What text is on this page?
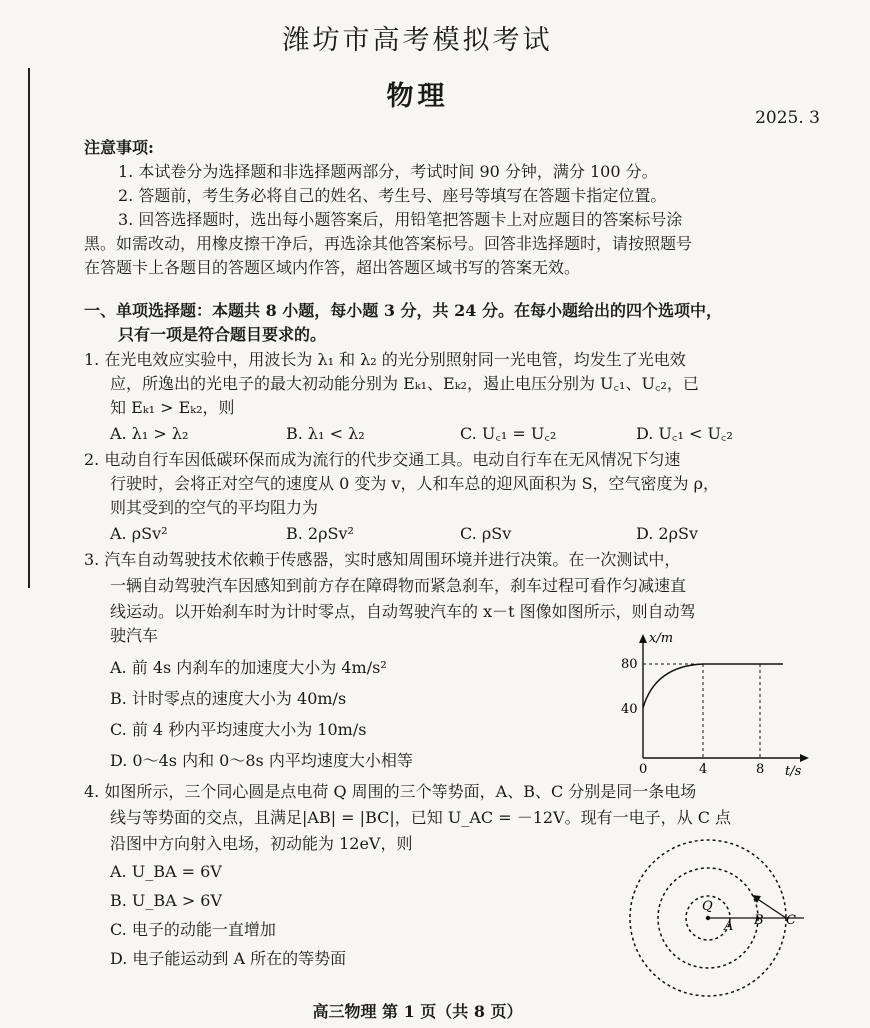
潍坊市高考模拟考试
物理
2025. 3
注意事项:
1. 本试卷分为选择题和非选择题两部分，考试时间 90 分钟，满分 100 分。
2. 答题前，考生务必将自己的姓名、考生号、座号等填写在答题卡指定位置。
3. 回答选择题时，选出每小题答案后，用铅笔把答题卡上对应题目的答案标号涂
黑。如需改动，用橡皮擦干净后，再选涂其他答案标号。回答非选择题时，请按照题号
在答题卡上各题目的答题区域内作答，超出答题区域书写的答案无效。
一、单项选择题：本题共 8 小题，每小题 3 分，共 24 分。在每小题给出的四个选项中，
只有一项是符合题目要求的。
1. 在光电效应实验中，用波长为 λ₁ 和 λ₂ 的光分别照射同一光电管，均发生了光电效
应，所逸出的光电子的最大初动能分别为 Eₖ₁、Eₖ₂，遏止电压分别为 U꜀₁、U꜀₂，已
知 Eₖ₁ > Eₖ₂，则
A. λ₁ > λ₂	B. λ₁ < λ₂	C. U꜀₁ = U꜀₂	D. U꜀₁ < U꜀₂
2. 电动自行车因低碳环保而成为流行的代步交通工具。电动自行车在无风情况下匀速
行驶时，会将正对空气的速度从 0 变为 v，人和车总的迎风面积为 S，空气密度为 ρ，
则其受到的空气的平均阻力为
A. ρSv²	B. 2ρSv²	C. ρSv	D. 2ρSv
3. 汽车自动驾驶技术依赖于传感器，实时感知周围环境并进行决策。在一次测试中，
一辆自动驾驶汽车因感知到前方存在障碍物而紧急刹车，刹车过程可看作匀减速直
线运动。以开始刹车时为计时零点，自动驾驶汽车的 x－t 图像如图所示，则自动驾
驶汽车
A. 前 4s 内刹车的加速度大小为 4m/s²
B. 计时零点的速度大小为 40m/s
C. 前 4 秒内平均速度大小为 10m/s
D. 0～4s 内和 0～8s 内平均速度大小相等
x/m
t/s
80
40
0	4	8
4. 如图所示，三个同心圆是点电荷 Q 周围的三个等势面，A、B、C 分别是同一条电场
线与等势面的交点，且满足|AB| = |BC|，已知 U_AC = －12V。现有一电子，从 C 点
沿图中方向射入电场，初动能为 12eV，则
A. U_BA = 6V
B. U_BA > 6V
C. 电子的动能一直增加
D. 电子能运动到 A 所在的等势面
Q
A B C
高三物理 第 1 页（共 8 页）
